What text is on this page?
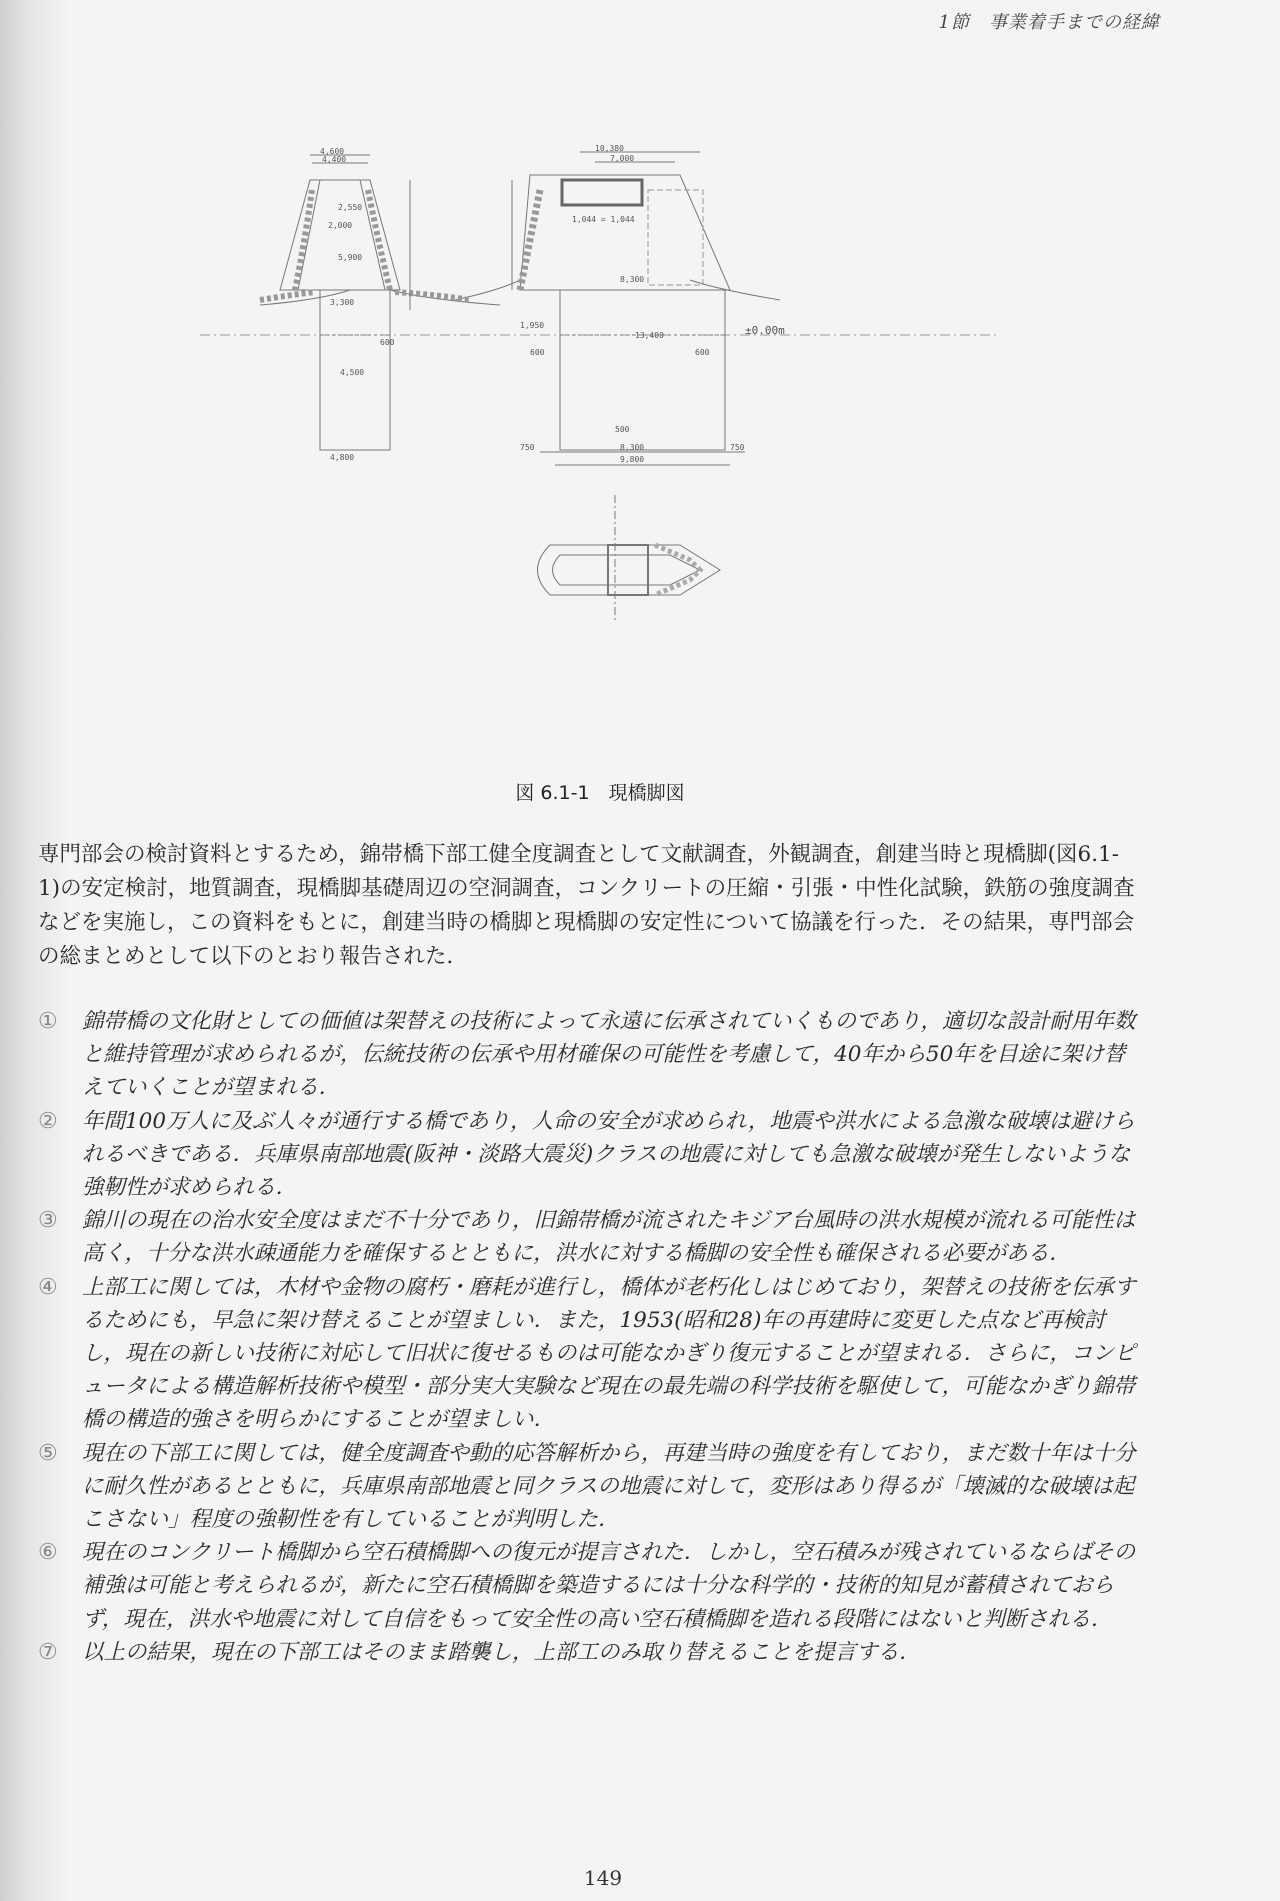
1節　事業着手までの経緯
4,600
4,400
2,550
2,000
5,900
3,300
4,500
600
4,800
10,380
7,000
1,044 = 1,044
8,300
1,950
13,400
600	600
500
750	750
8,300
9,800
±0.00m
図 6.1-1　現橋脚図

専門部会の検討資料とするため，錦帯橋下部工健全度調査として文献調査，外観調査，創建当時と現橋脚(図6.1-1)の安定検討，地質調査，現橋脚基礎周辺の空洞調査，コンクリートの圧縮・引張・中性化試験，鉄筋の強度調査などを実施し，この資料をもとに，創建当時の橋脚と現橋脚の安定性について協議を行った．その結果，専門部会の総まとめとして以下のとおり報告された．

①	錦帯橋の文化財としての価値は架替えの技術によって永遠に伝承されていくものであり，適切な設計耐用年数と維持管理が求められるが，伝統技術の伝承や用材確保の可能性を考慮して，40年から50年を目途に架け替えていくことが望まれる．
②	年間100万人に及ぶ人々が通行する橋であり，人命の安全が求められ，地震や洪水による急激な破壊は避けられるべきである．兵庫県南部地震(阪神・淡路大震災)クラスの地震に対しても急激な破壊が発生しないような強靭性が求められる．
③	錦川の現在の治水安全度はまだ不十分であり，旧錦帯橋が流されたキジア台風時の洪水規模が流れる可能性は高く，十分な洪水疎通能力を確保するとともに，洪水に対する橋脚の安全性も確保される必要がある．
④	上部工に関しては，木材や金物の腐朽・磨耗が進行し，橋体が老朽化しはじめており，架替えの技術を伝承するためにも，早急に架け替えることが望ましい．また，1953(昭和28)年の再建時に変更した点など再検討し，現在の新しい技術に対応して旧状に復せるものは可能なかぎり復元することが望まれる．さらに，コンピュータによる構造解析技術や模型・部分実大実験など現在の最先端の科学技術を駆使して，可能なかぎり錦帯橋の構造的強さを明らかにすることが望ましい．
⑤	現在の下部工に関しては，健全度調査や動的応答解析から，再建当時の強度を有しており，まだ数十年は十分に耐久性があるとともに，兵庫県南部地震と同クラスの地震に対して，変形はあり得るが「壊滅的な破壊は起こさない」程度の強靭性を有していることが判明した．
⑥	現在のコンクリート橋脚から空石積橋脚への復元が提言された．しかし，空石積みが残されているならばその補強は可能と考えられるが，新たに空石積橋脚を築造するには十分な科学的・技術的知見が蓄積されておらず，現在，洪水や地震に対して自信をもって安全性の高い空石積橋脚を造れる段階にはないと判断される．
⑦	以上の結果，現在の下部工はそのまま踏襲し，上部工のみ取り替えることを提言する．
149
